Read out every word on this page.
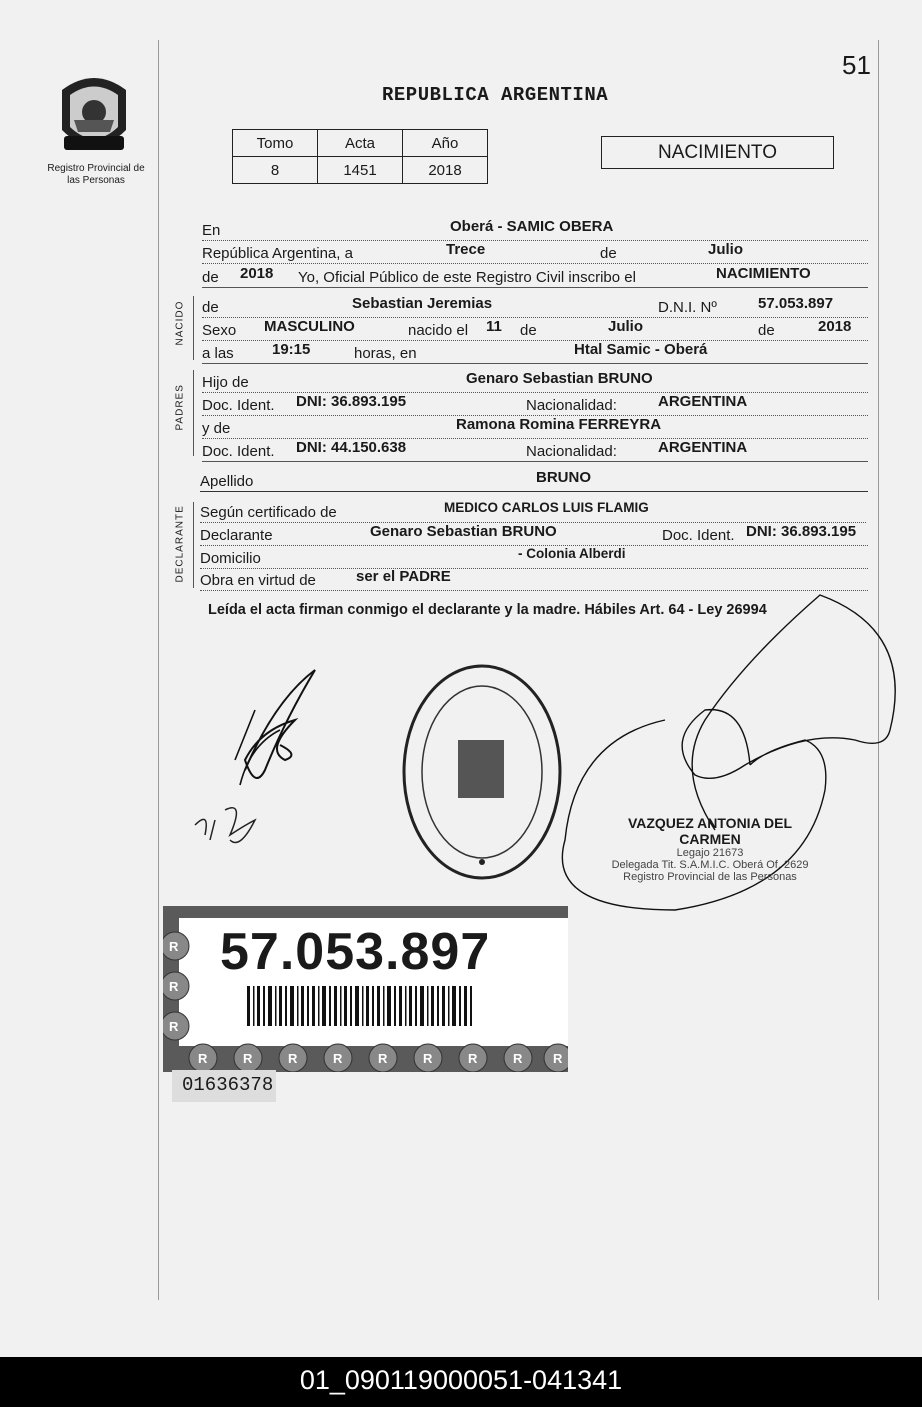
51
REPUBLICA ARGENTINA
Registro Provincial de las Personas
Tomo	Acta	Año
8	1451	2018
NACIMIENTO
En	Oberá - SAMIC OBERA
República Argentina, a	Trece	de	Julio
de 2018 Yo, Oficial Público de este Registro Civil inscribo el	NACIMIENTO
NACIDO de	Sebastian Jeremias	D.N.I. Nº	57.053.897
Sexo MASCULINO	nacido el 11 de	Julio	de	2018
a las	19:15	horas, en	Htal Samic - Oberá
PADRES
Hijo de	Genaro Sebastian BRUNO
Doc. Ident. DNI: 36.893.195	Nacionalidad:	ARGENTINA
y de	Ramona Romina FERREYRA
Doc. Ident. DNI: 44.150.638	Nacionalidad:	ARGENTINA
Apellido	BRUNO
DECLARANTE Según certificado de	MEDICO CARLOS LUIS FLAMIG
Declarante	Genaro Sebastian BRUNO	Doc. Ident. DNI: 36.893.195
Domicilio	- Colonia Alberdi
Obra en virtud de	ser el PADRE
Leída el acta firman conmigo el declarante y la madre. Hábiles Art. 64 - Ley 26994
VAZQUEZ ANTONIA DEL CARMEN
Legajo 21673
Delegada Tit. S.A.M.I.C. Oberá Of. 2629
Registro Provincial de las Personas
R
R
R
R	R	R	R	R	R	R	R R
57.053.897
01636378
01_090119000051-041341
